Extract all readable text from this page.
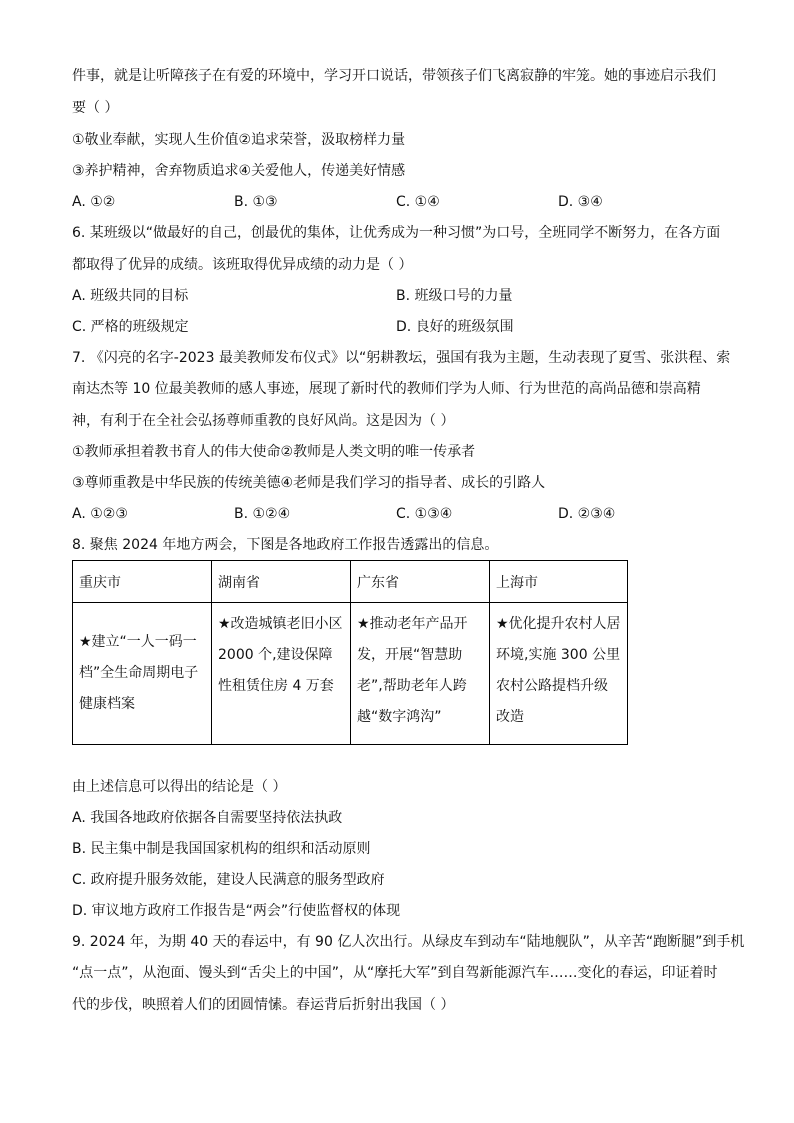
件事，就是让听障孩子在有爱的环境中，学习开口说话，带领孩子们飞离寂静的牢笼。她的事迹启示我们
要（ ）
①敬业奉献，实现人生价值②追求荣誉，汲取榜样力量
③养护精神，舍弃物质追求④关爱他人，传递美好情感
A. ①②	B. ①③	C. ①④	D. ③④
6. 某班级以“做最好的自己，创最优的集体，让优秀成为一种习惯”为口号，全班同学不断努力，在各方面
都取得了优异的成绩。该班取得优异成绩的动力是（ ）
A. 班级共同的目标	B. 班级口号的力量
C. 严格的班级规定	D. 良好的班级氛围
7. 《闪亮的名字-2023 最美教师发布仪式》以“躬耕教坛，强国有我为主题，生动表现了夏雪、张洪程、索
南达杰等 10 位最美教师的感人事迹，展现了新时代的教师们学为人师、行为世范的高尚品德和崇高精
神，有利于在全社会弘扬尊师重教的良好风尚。这是因为（ ）
①教师承担着教书育人的伟大使命②教师是人类文明的唯一传承者
③尊师重教是中华民族的传统美德④老师是我们学习的指导者、成长的引路人
A. ①②③	B. ①②④	C. ①③④	D. ②③④
8. 聚焦 2024 年地方两会，下图是各地政府工作报告透露出的信息。
重庆市	湖南省	广东省	上海市

★建立“一人一码一档”全生命周期电子健康档案	★改造城镇老旧小区 2000 个,建设保障性租赁住房 4 万套	★推动老年产品开发，开展“智慧助老”,帮助老年人跨越“数字鸿沟”	★优化提升农村人居环境,实施 300 公里农村公路提档升级改造
由上述信息可以得出的结论是（ ）
A. 我国各地政府依据各自需要坚持依法执政
B. 民主集中制是我国国家机构的组织和活动原则
C. 政府提升服务效能，建设人民满意的服务型政府
D. 审议地方政府工作报告是“两会”行使监督权的体现
9. 2024 年，为期 40 天的春运中，有 90 亿人次出行。从绿皮车到动车“陆地舰队”，从辛苦“跑断腿”到手机
“点一点”，从泡面、馒头到“舌尖上的中国”，从“摩托大军”到自驾新能源汽车……变化的春运，印证着时
代的步伐，映照着人们的团圆情愫。春运背后折射出我国（ ）
